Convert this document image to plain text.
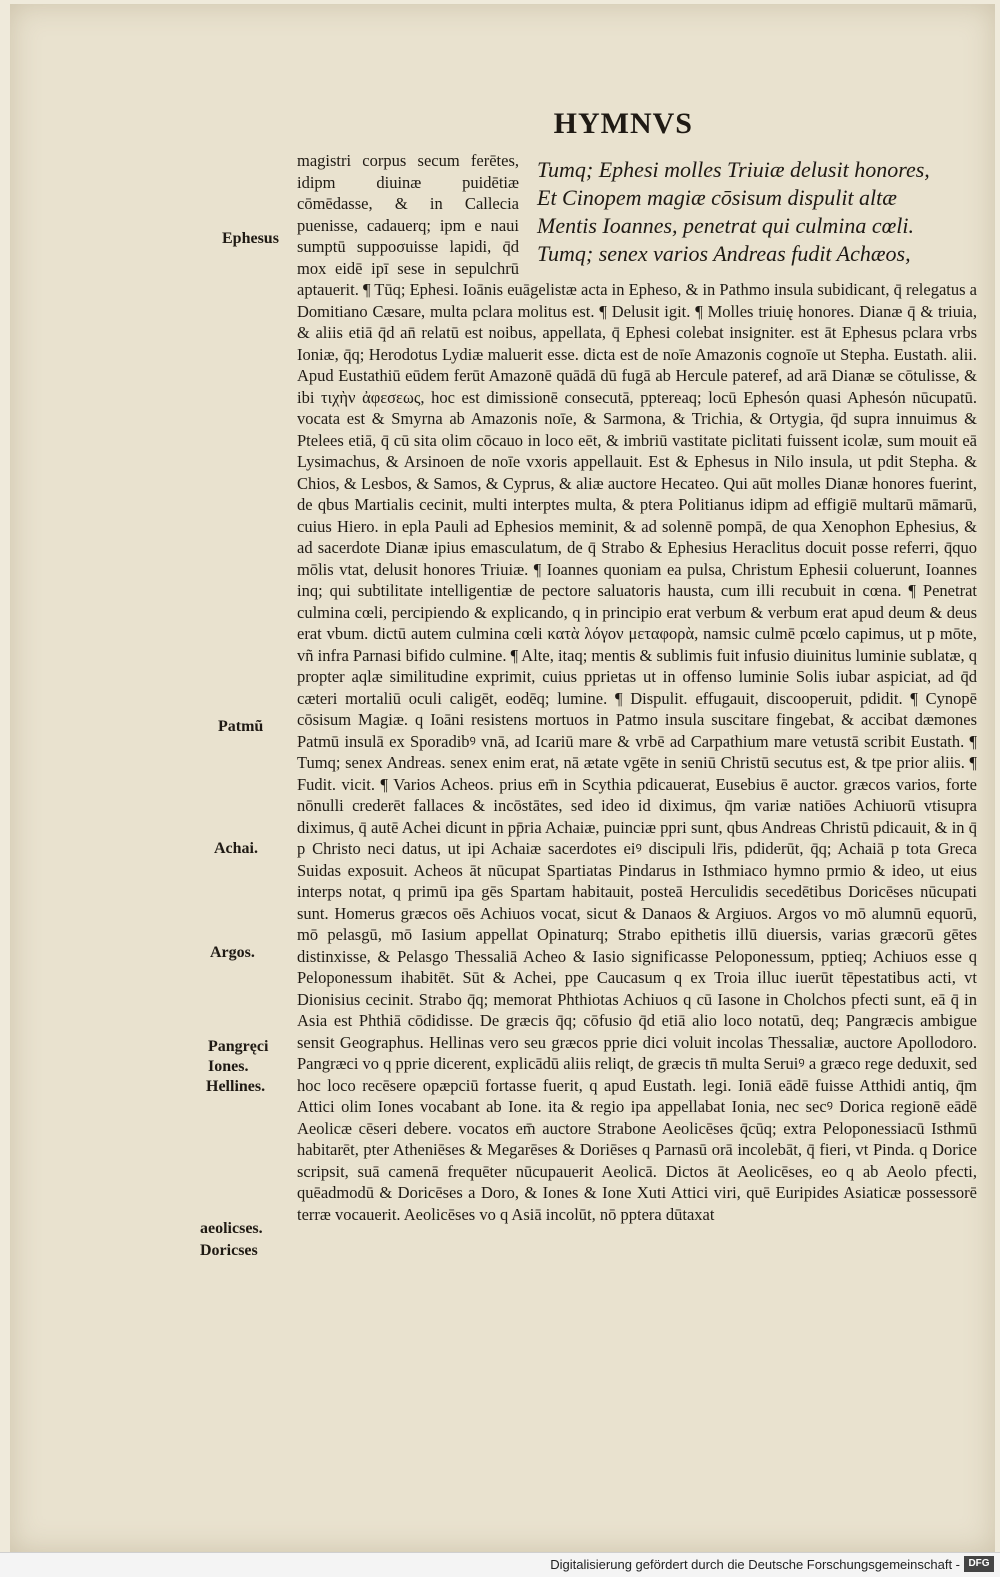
HYMNVS
Ephesus
Patmũ
Achai.
Argos.
Pangręci
Iones.
Hellines.
aeolicses.
Doricses
Tumq; Ephesi molles Triuiæ delusit honores,
Et Cinopem magiæ cōsisum dispulit altæ
Mentis Ioannes, penetrat qui culmina cœli.
Tumq; senex varios Andreas fudit Achæos,

magistri corpus secum ferētes, idipm diuinæ puidētiæ cōmēdasse, & in Callecia puenisse, cadauerq; ipm e naui sumptū suppoσuisse lapidi, q̄d mox eidē ipī sese in sepulchrū aptauerit. ¶ Tūq; Ephesi. Ioānis euāgelistæ acta in Epheso, & in Pathmo insula subidicant, q̄ relegatus a Domitiano Cæsare, multa pclara molitus est. ¶ Delusit igit. ¶ Molles triuię honores. Dianæ q̄ & triuia, & aliis etiā q̄d an̄ relatū est noibus, appellata, q̄ Ephesi colebat insigniter. est āt Ephesus pclara vrbs Ioniæ, q̄q; Herodotus Lydiæ maluerit esse. dicta est de noīe Amazonis cognoīe ut Stepha. Eustath. alii. Apud Eustathiū eūdem ferūt Amazonē quādā dū fugā ab Hercule pateref, ad arā Dianæ se cōtulisse, & ibi τιχὴν ἀφεσεως, hoc est dimissionē consecutā, pptereaq; locū Ephesόn quasi Aphesόn nūcupatū. vocata est & Smyrna ab Amazonis noīe, & Sarmona, & Trichia, & Ortygia, q̄d supra innuimus & Ptelees etiā, q̄ cū sita olim cōcauo in loco eēt, & imbriū vastitate piclitati fuissent icolæ, sum mouit eā Lysimachus, & Arsinoen de noīe vxoris appellauit. Est & Ephesus in Nilo insula, ut pdit Stepha. & Chios, & Lesbos, & Samos, & Cyprus, & aliæ auctore Hecateo. Qui aūt molles Dianæ honores fuerint, de qbus Martialis cecinit, multi interptes multa, & ptera Politianus idipm ad effigiē multarū māmarū, cuius Hiero. in epla Pauli ad Ephesios meminit, & ad solennē pompā, de qua Xenophon Ephesius, & ad sacerdote Dianæ ipius emasculatum, de q̄ Strabo & Ephesius Heraclitus docuit posse referri, q̄quo mōlis vtat, delusit honores Triuiæ. ¶ Ioannes quoniam ea pulsa, Christum Ephesii coluerunt, Ioannes inq; qui subtilitate intelligentiæ de pectore saluatoris hausta, cum illi recubuit in cœna. ¶ Penetrat culmina cœli, percipiendo & explicando, q in principio erat verbum & verbum erat apud deum & deus erat vbum. dictū autem culmina cœli κατὰ λόγον μεταφορὰ, namsic culmē pcœlo capimus, ut p mōte, vñ infra Parnasi bifido culmine. ¶ Alte, itaq; mentis & sublimis fuit infusio diuinitus luminie sublatæ, q propter aqlæ similitudine exprimit, cuius pprietas ut in offenso luminie Solis iubar aspiciat, ad q̄d cæteri mortaliū oculi caligēt, eodēq; lumine. ¶ Dispulit. effugauit, discooperuit, pdidit. ¶ Cynopē cōsisum Magiæ. q Ioāni resistens mortuos in Patmo insula suscitare fingebat, & accibat dæmones Patmū insulā ex Sporadibꝰ vnā, ad Icariū mare & vrbē ad Carpathium mare vetustā scribit Eustath. ¶ Tumq; senex Andreas. senex enim erat, nā ætate vgēte in seniū Christū secutus est, & tpe prior aliis. ¶ Fudit. vicit. ¶ Varios Acheos. prius em̄ in Scythia pdicauerat, Eusebius ē auctor. græcos varios, forte nōnulli crederēt fallaces & incōstātes, sed ideo id diximus, q̄m variæ natiōes Achiuorū vtisupra diximus, q̄ autē Achei dicunt in pp̄ria Achaiæ, puinciæ ppri sunt, qbus Andreas Christū pdicauit, & in q̄ p Christo neci datus, ut ipi Achaiæ sacerdotes eiꝰ discipuli lr̄is, pdiderūt, q̄q; Achaiā p tota Greca Suidas exposuit. Acheos āt nūcupat Spartiatas Pindarus in Isthmiaco hymno prmio & ideo, ut eius interps notat, q primū ipa gēs Spartam habitauit, posteā Herculidis secedētibus Doricēses nūcupati sunt. Homerus græcos oēs Achiuos vocat, sicut & Danaos & Argiuos. Argos vo mō alumnū equorū, mō pelasgū, mō Iasium appellat Opinaturq; Strabo epithetis illū diuersis, varias græcorū gētes distinxisse, & Pelasgo Thessaliā Acheo & Iasio significasse Peloponessum, pptieq; Achiuos esse q Peloponessum ihabitēt. Sūt & Achei, ppe Caucasum q ex Troia illuc iuerūt tēpestatibus acti, vt Dionisius cecinit. Strabo q̄q; memorat Phthiotas Achiuos q cū Iasone in Cholchos pfecti sunt, eā q̄ in Asia est Phthiā cōdidisse. De græcis q̄q; cōfusio q̄d etiā alio loco notatū, deq; Pangræcis ambigue sensit Geographus. Hellinas vero seu græcos pprie dici voluit incolas Thessaliæ, auctore Apollodoro. Pangræci vo q pprie dicerent, explicādū aliis reliqt, de græcis tn̄ multa Seruiꝰ a græco rege deduxit, sed hoc loco recēsere opæpciū fortasse fuerit, q apud Eustath. legi. Ioniā eādē fuisse Atthidi antiq, q̄m Attici olim Iones vocabant ab Ione. ita & regio ipa appellabat Ionia, nec secꝰ Dorica regionē eādē Aeolicæ cēseri debere. vocatos em̄ auctore Strabone Aeolicēses q̄cūq; extra Peloponessiacū Isthmū habitarēt, pter Atheniēses & Megarēses & Doriēses q Parnasū orā incolebāt, q̄ fieri, vt Pinda. q Dorice scripsit, suā camenā frequēter nūcupauerit Aeolicā. Dictos āt Aeolicēses, eo q ab Aeolo pfecti, quēadmodū & Doricēses a Doro, & Iones & Ione Xuti Attici viri, quē Euripides Asiaticæ possessorē terræ vocauerit. Aeolicēses vo q Asiā incolūt, nō pptera dūtaxat

Digitalisierung gefördert durch die Deutsche Forschungsgemeinschaft - DFG
